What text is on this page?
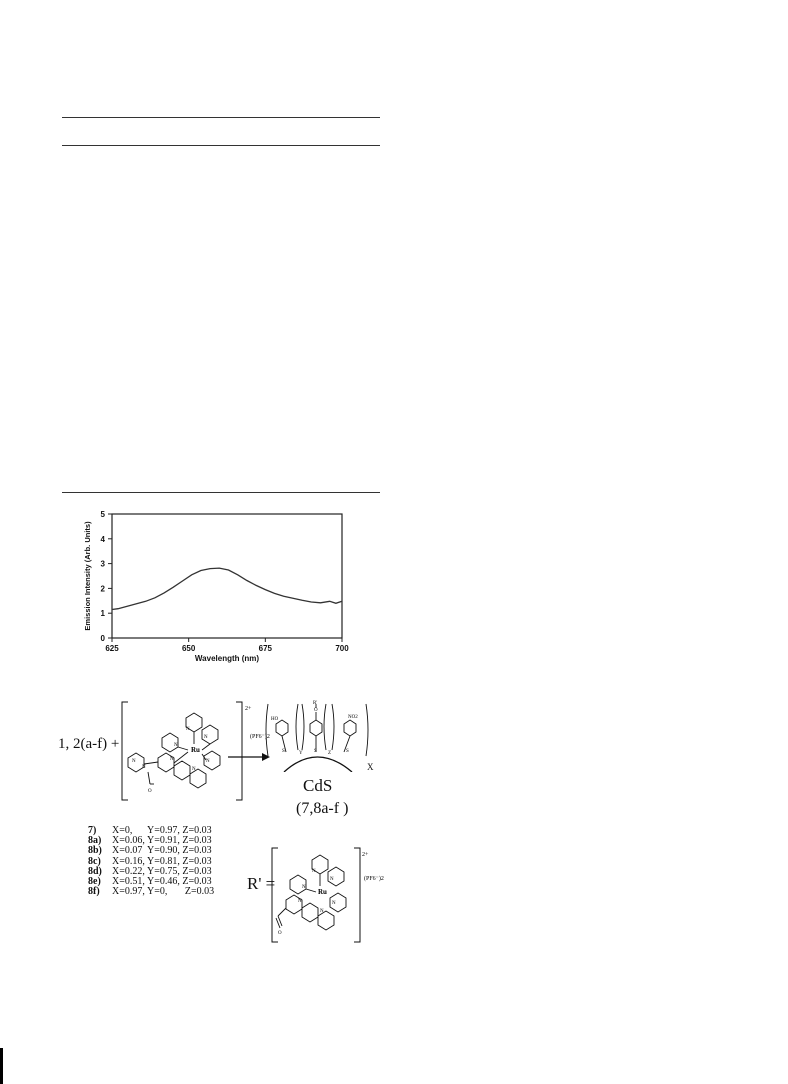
625	650	675	700
0
1
2
3
4
5
Wavelength (nm)
Emission Intensity (Arb. Units)
1, 2(a-f) +
2+
(PF6⁻)2
Ru
N
N
N
N
N
N
N
N
O
HO
R'
O
NO2
S	S	S
Y	Z
X
CdS
(7,8a-f )
7) X=0,      Y=0.97, Z=0.03
8a) X=0.06, Y=0.91, Z=0.03
8b) X=0.07  Y=0.90, Z=0.03
8c) X=0.16, Y=0.81, Z=0.03
8d) X=0.22, Y=0.75, Z=0.03
8e) X=0.51, Y=0.46, Z=0.03
8f) X=0.97, Y=0,       Z=0.03 R' =
2+
(PF6⁻)2
Ru
N
N
N
N
N
N
O
